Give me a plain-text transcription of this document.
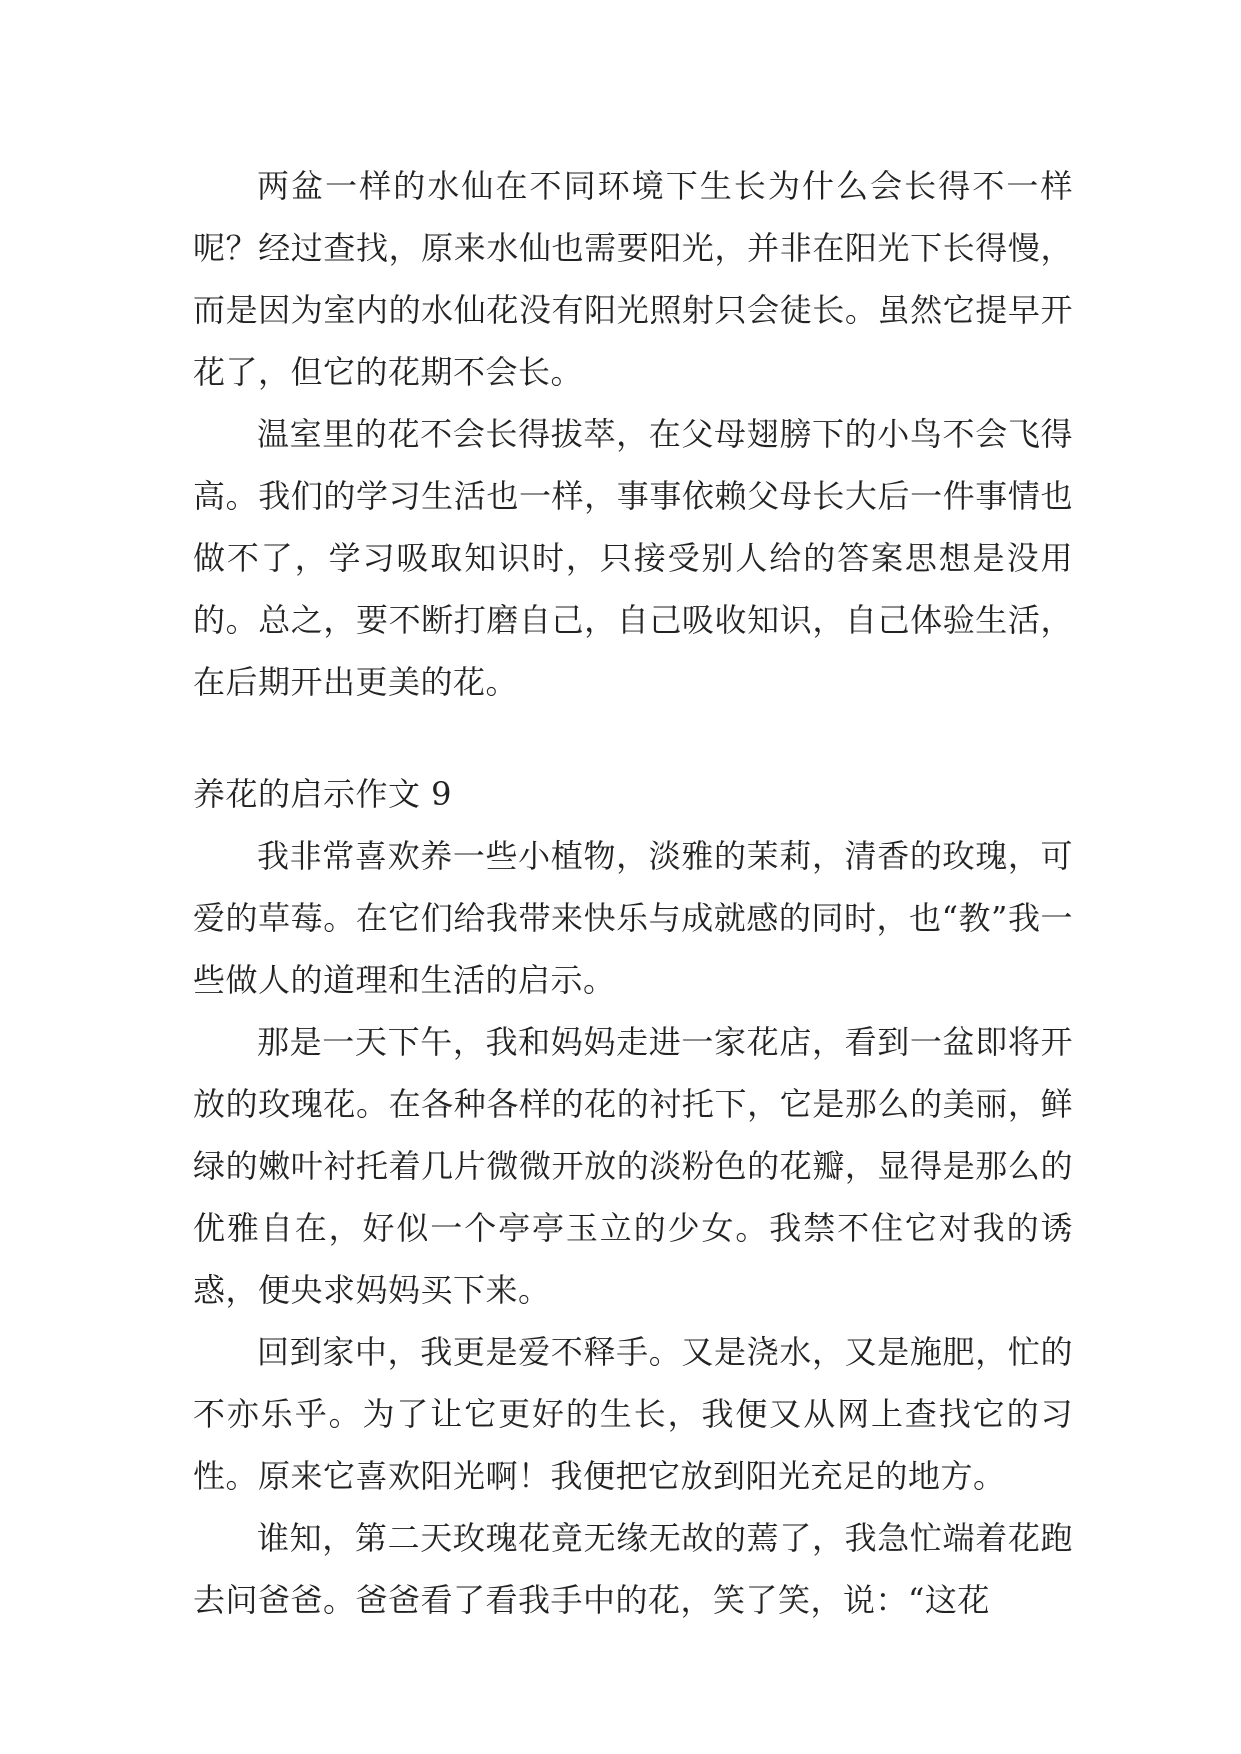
两盆一样的水仙在不同环境下生长为什么会长得不一样呢？经过查找，原来水仙也需要阳光，并非在阳光下长得慢，而是因为室内的水仙花没有阳光照射只会徒长。虽然它提早开花了，但它的花期不会长。

温室里的花不会长得拔萃，在父母翅膀下的小鸟不会飞得高。我们的学习生活也一样，事事依赖父母长大后一件事情也做不了，学习吸取知识时，只接受别人给的答案思想是没用的。总之，要不断打磨自己，自己吸收知识，自己体验生活，在后期开出更美的花。

养花的启示作文 9

我非常喜欢养一些小植物，淡雅的茉莉，清香的玫瑰，可爱的草莓。在它们给我带来快乐与成就感的同时，也“教”我一些做人的道理和生活的启示。

那是一天下午，我和妈妈走进一家花店，看到一盆即将开放的玫瑰花。在各种各样的花的衬托下，它是那么的美丽，鲜绿的嫩叶衬托着几片微微开放的淡粉色的花瓣，显得是那么的优雅自在，好似一个亭亭玉立的少女。我禁不住它对我的诱惑，便央求妈妈买下来。

回到家中，我更是爱不释手。又是浇水，又是施肥，忙的不亦乐乎。为了让它更好的生长，我便又从网上查找它的习性。原来它喜欢阳光啊！我便把它放到阳光充足的地方。

谁知，第二天玫瑰花竟无缘无故的蔫了，我急忙端着花跑去问爸爸。爸爸看了看我手中的花，笑了笑，说：“这花
